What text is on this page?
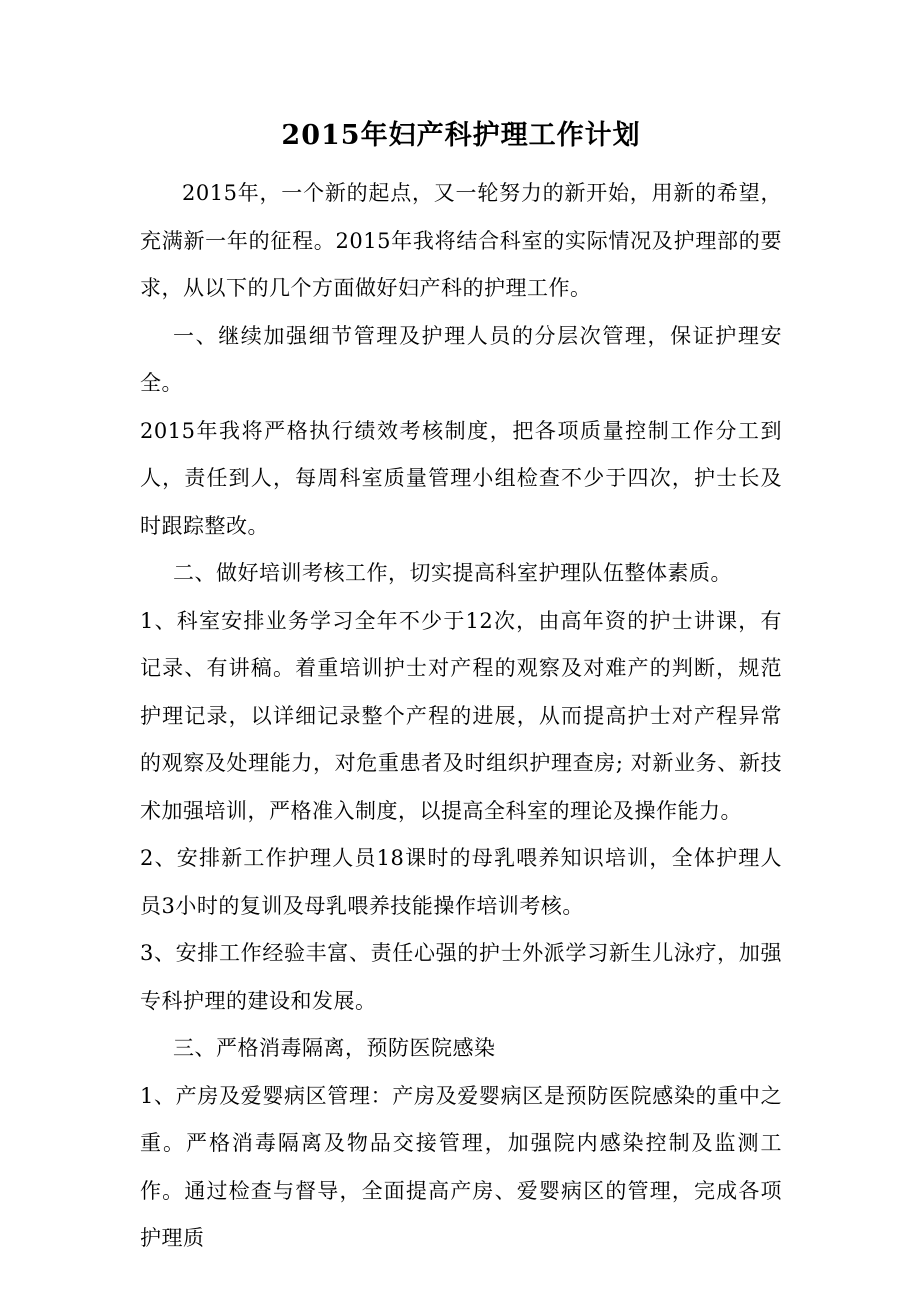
2015年妇产科护理工作计划

2015年，一个新的起点，又一轮努力的新开始，用新的希望，充满新一年的征程。2015年我将结合科室的实际情况及护理部的要求，从以下的几个方面做好妇产科的护理工作。

一、继续加强细节管理及护理人员的分层次管理，保证护理安全。

2015年我将严格执行绩效考核制度，把各项质量控制工作分工到人，责任到人，每周科室质量管理小组检查不少于四次，护士长及时跟踪整改。

二、做好培训考核工作，切实提高科室护理队伍整体素质。

1、科室安排业务学习全年不少于12次，由高年资的护士讲课，有记录、有讲稿。着重培训护士对产程的观察及对难产的判断，规范护理记录，以详细记录整个产程的进展，从而提高护士对产程异常的观察及处理能力，对危重患者及时组织护理查房; 对新业务、新技术加强培训，严格准入制度，以提高全科室的理论及操作能力。

2、安排新工作护理人员18课时的母乳喂养知识培训，全体护理人员3小时的复训及母乳喂养技能操作培训考核。

3、安排工作经验丰富、责任心强的护士外派学习新生儿泳疗，加强专科护理的建设和发展。

三、严格消毒隔离，预防医院感染

1、产房及爱婴病区管理：产房及爱婴病区是预防医院感染的重中之重。严格消毒隔离及物品交接管理，加强院内感染控制及监测工作。通过检查与督导，全面提高产房、爱婴病区的管理，完成各项护理质
